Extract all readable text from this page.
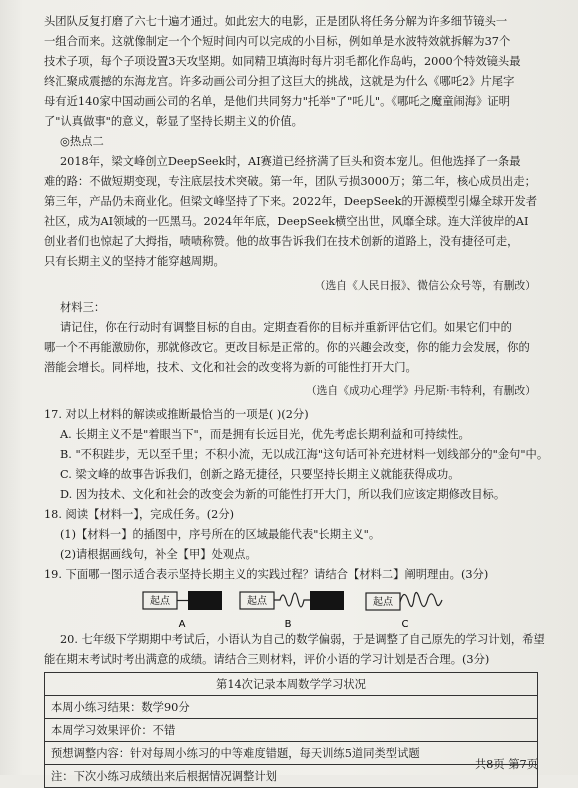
头团队反复打磨了六七十遍才通过。如此宏大的电影，正是团队将任务分解为许多细节镜头一
一组合而来。这就像制定一个个短时间内可以完成的小目标，例如单是水波特效就拆解为37个
技术子项，每个子项设置3天攻坚期。如同精卫填海时每片羽毛都化作岛屿，2000个特效镜头最
终汇聚成震撼的东海龙宫。许多动画公司分担了这巨大的挑战，这就是为什么《哪吒2》片尾字
母有近140家中国动画公司的名单，是他们共同努力"托举"了"吒儿"。《哪吒之魔童闹海》证明
了"认真做事"的意义，彰显了坚持长期主义的价值。
◎热点二
2018年，梁文峰创立DeepSeek时，AI赛道已经挤满了巨头和资本宠儿。但他选择了一条最
难的路：不做短期变现，专注底层技术突破。第一年，团队亏损3000万；第二年，核心成员出走；
第三年，产品仍未商业化。但梁文峰坚持了下来。2022年，DeepSeek的开源模型引爆全球开发者
社区，成为AI领域的一匹黑马。2024年年底，DeepSeek横空出世，风靡全球。连大洋彼岸的AI
创业者们也惊起了大拇指，啧啧称赞。他的故事告诉我们在技术创新的道路上，没有捷径可走，
只有长期主义的坚持才能穿越周期。
（选自《人民日报》、微信公众号等，有删改）
材料三：
请记住，你在行动时有调整目标的自由。定期查看你的目标并重新评估它们。如果它们中的
哪一个不再能激励你，那就修改它。更改目标是正常的。你的兴趣会改变，你的能力会发展，你的
潜能会增长。同样地，技术、文化和社会的改变将为新的可能性打开大门。
（选自《成功心理学》丹尼斯·韦特利，有删改）
17. 对以上材料的解读或推断最恰当的一项是( )(2分)
A. 长期主义不是"着眼当下"，而是拥有长远目光，优先考虑长期利益和可持续性。
B. "不积跬步，无以至千里；不积小流，无以成江海"这句话可补充进材料一划线部分的"金句"中。
C. 梁文峰的故事告诉我们，创新之路无捷径，只要坚持长期主义就能获得成功。
D. 因为技术、文化和社会的改变会为新的可能性打开大门，所以我们应该定期修改目标。
18. 阅读【材料一】，完成任务。(2分)
(1)【材料一】的插图中，序号所在的区域最能代表"长期主义"。
(2)请根据画线句，补全【甲】处观点。
19. 下面哪一图示适合表示坚持长期主义的实践过程？请结合【材料二】阐明理由。(3分)
起点
A
起点
B
起点
C
20. 七年级下学期期中考试后，小语认为自己的数学偏弱，于是调整了自己原先的学习计划，希望
能在期末考试时考出满意的成绩。请结合三则材料，评价小语的学习计划是否合理。(3分)
共8页 第7页
第14次记录本周数学学习状况
本周小练习结果：数学90分
本周学习效果评价：不错
预想调整内容：针对每周小练习的中等难度错题，每天训练5道同类型试题
注：下次小练习成绩出来后根据情况调整计划
